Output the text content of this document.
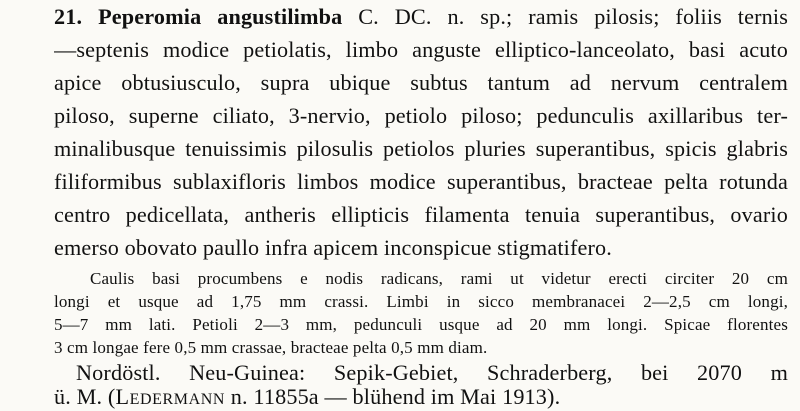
21. Peperomia angustilimba C. DC. n. sp.; ramis pilosis; foliis ternis
—septenis modice petiolatis, limbo anguste elliptico-lanceolato, basi acuto
apice obtusiusculo, supra ubique subtus tantum ad nervum centralem
piloso, superne ciliato, 3-nervio, petiolo piloso; pedunculis axillaribus ter-
minalibusque tenuissimis pilosulis petiolos pluries superantibus, spicis glabris
filiformibus sublaxifloris limbos modice superantibus, bracteae pelta rotunda
centro pedicellata, antheris ellipticis filamenta tenuia superantibus, ovario
emerso obovato paullo infra apicem inconspicue stigmatifero.
Caulis basi procumbens e nodis radicans, rami ut videtur erecti circiter 20 cm
longi et usque ad 1,75 mm crassi. Limbi in sicco membranacei 2—2,5 cm longi,
5—7 mm lati. Petioli 2—3 mm, pedunculi usque ad 20 mm longi. Spicae florentes
3 cm longae fere 0,5 mm crassae, bracteae pelta 0,5 mm diam.
Nordöstl. Neu-Guinea: Sepik-Gebiet, Schraderberg, bei 2070 m
ü. M. (Ledermann n. 11855a — blühend im Mai 1913).
